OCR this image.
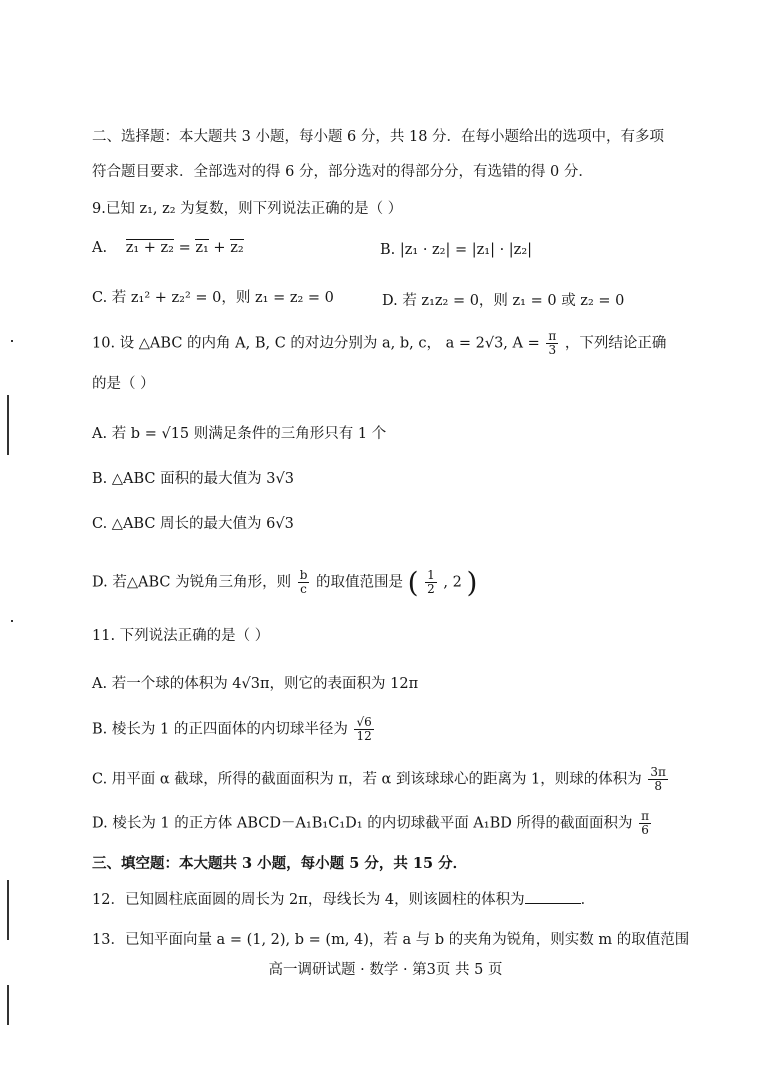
二、选择题：本大题共 3 小题，每小题 6 分，共 18 分．在每小题给出的选项中，有多项
符合题目要求．全部选对的得 6 分，部分选对的得部分分，有选错的得 0 分．
9.已知 z₁, z₂ 为复数，则下列说法正确的是（ ）
A. z₁ + z₂ = z₁ + z₂	B. |z₁ · z₂| = |z₁| · |z₂|
C. 若 z₁² + z₂² = 0，则 z₁ = z₂ = 0	D. 若 z₁z₂ = 0，则 z₁ = 0 或 z₂ = 0
10. 设 △ABC 的内角 A, B, C 的对边分别为 a, b, c， a = 2√3, $A = \frac{\pi}{3}$ ，下列结论正确
的是（ ）
A. 若 b = √15 则满足条件的三角形只有 1 个
B. △ABC 面积的最大值为 3√3
C. △ABC 周长的最大值为 6√3
D. 若△ABC 为锐角三角形，则 $\frac{b}{c}$ 的取值范围是 ( $\frac{1}{2}$ , 2 )
11. 下列说法正确的是（ ）
A. 若一个球的体积为 4√3π，则它的表面积为 12π
B. 棱长为 1 的正四面体的内切球半径为 $\frac{√6}{12}$
C. 用平面 α 截球，所得的截面面积为 π，若 α 到该球球心的距离为 1，则球的体积为 $\frac{3\pi}{8}$
D. 棱长为 1 的正方体 ABCD－A₁B₁C₁D₁ 的内切球截平面 A₁BD 所得的截面面积为 $\frac{\pi}{6}$
三、填空题：本大题共 3 小题，每小题 5 分，共 15 分．
12．已知圆柱底面圆的周长为 2π，母线长为 4，则该圆柱的体积为	．
13．已知平面向量 a = (1, 2), b = (m, 4)，若 a 与 b 的夹角为锐角，则实数 m 的取值范围
高一调研试题 · 数学 · 第3页 共 5 页
